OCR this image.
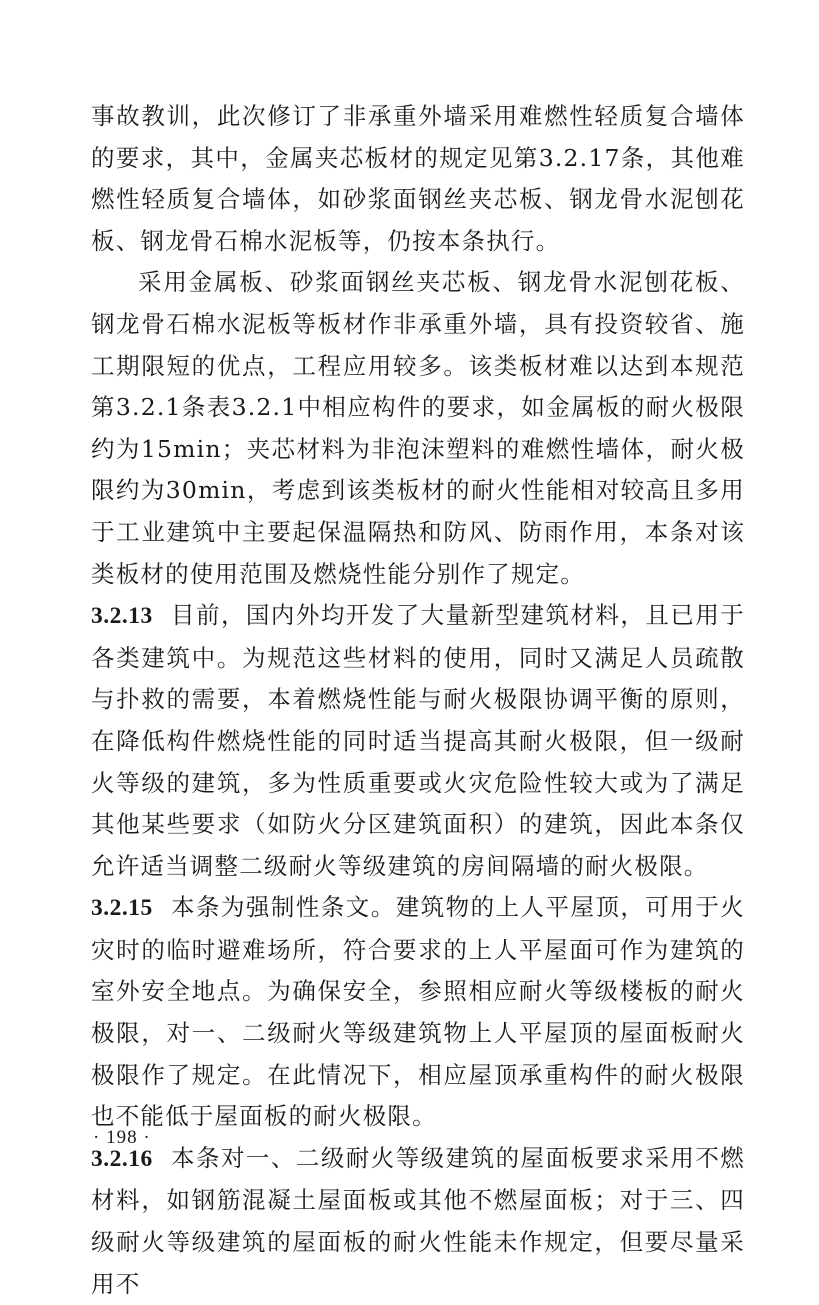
事故教训，此次修订了非承重外墙采用难燃性轻质复合墙体的要求，其中，金属夹芯板材的规定见第3.2.17条，其他难燃性轻质复合墙体，如砂浆面钢丝夹芯板、钢龙骨水泥刨花板、钢龙骨石棉水泥板等，仍按本条执行。

采用金属板、砂浆面钢丝夹芯板、钢龙骨水泥刨花板、钢龙骨石棉水泥板等板材作非承重外墙，具有投资较省、施工期限短的优点，工程应用较多。该类板材难以达到本规范第3.2.1条表3.2.1中相应构件的要求，如金属板的耐火极限约为15min；夹芯材料为非泡沫塑料的难燃性墙体，耐火极限约为30min，考虑到该类板材的耐火性能相对较高且多用于工业建筑中主要起保温隔热和防风、防雨作用，本条对该类板材的使用范围及燃烧性能分别作了规定。

3.2.13 目前，国内外均开发了大量新型建筑材料，且已用于各类建筑中。为规范这些材料的使用，同时又满足人员疏散与扑救的需要，本着燃烧性能与耐火极限协调平衡的原则，在降低构件燃烧性能的同时适当提高其耐火极限，但一级耐火等级的建筑，多为性质重要或火灾危险性较大或为了满足其他某些要求（如防火分区建筑面积）的建筑，因此本条仅允许适当调整二级耐火等级建筑的房间隔墙的耐火极限。

3.2.15 本条为强制性条文。建筑物的上人平屋顶，可用于火灾时的临时避难场所，符合要求的上人平屋面可作为建筑的室外安全地点。为确保安全，参照相应耐火等级楼板的耐火极限，对一、二级耐火等级建筑物上人平屋顶的屋面板耐火极限作了规定。在此情况下，相应屋顶承重构件的耐火极限也不能低于屋面板的耐火极限。

3.2.16 本条对一、二级耐火等级建筑的屋面板要求采用不燃材料，如钢筋混凝土屋面板或其他不燃屋面板；对于三、四级耐火等级建筑的屋面板的耐火性能未作规定，但要尽量采用不

· 198 ·
